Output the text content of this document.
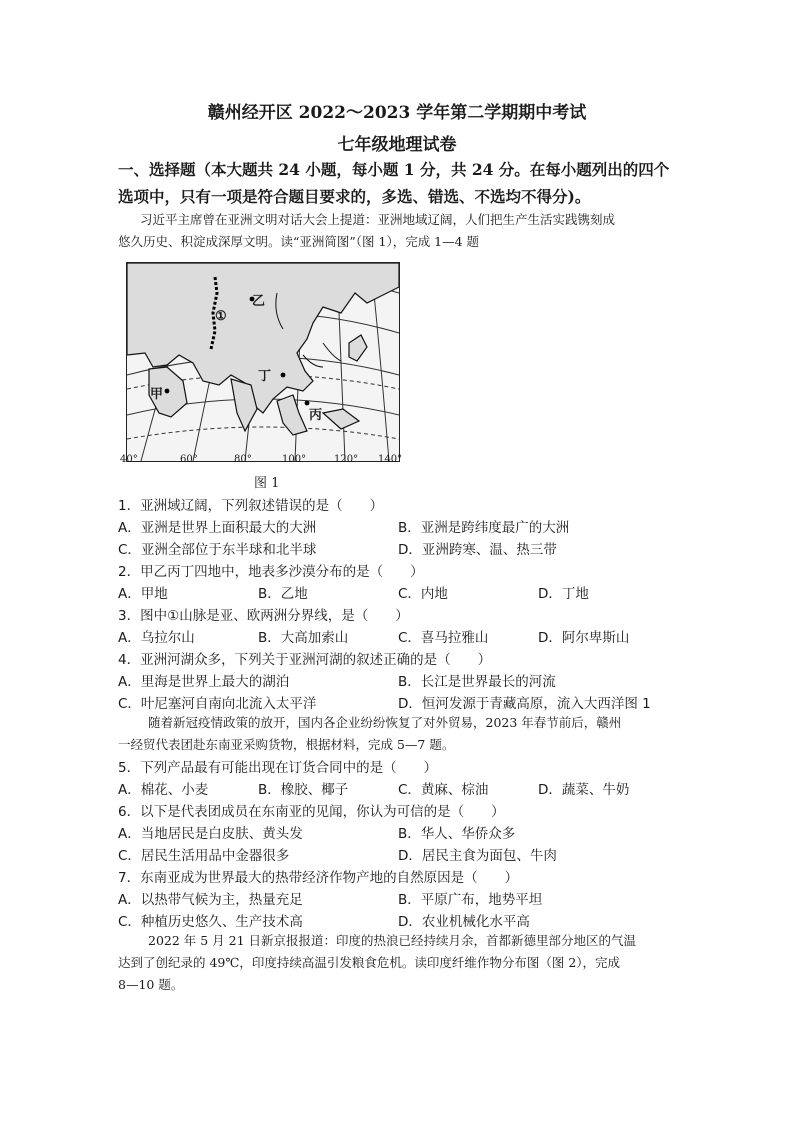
赣州经开区 2022～2023 学年第二学期期中考试
七年级地理试卷
一、选择题（本大题共 24 小题，每小题 1 分，共 24 分。在每小题列出的四个
选项中，只有一项是符合题目要求的，多选、错选、不选均不得分)。
习近平主席曾在亚洲文明对话大会上提道：亚洲地域辽阔，人们把生产生活实践镌刻成
悠久历史、积淀成深厚文明。读“亚洲简图”（图 1），完成 1—4 题
①
乙
甲
丁
丙
40°	60°	80°	100°	120° 140°
图 1
1．亚洲域辽阔，下列叙述错误的是（　　）
A．亚洲是世界上面积最大的大洲	B．亚洲是跨纬度最广的大洲
C．亚洲全部位于东半球和北半球	D．亚洲跨寒、温、热三带
2．甲乙丙丁四地中，地表多沙漠分布的是（　　）
A．甲地	B．乙地	C．内地	D．丁地
3．图中①山脉是亚、欧两洲分界线，是（　　）
A．乌拉尔山	B．大高加索山	C．喜马拉雅山	D．阿尔卑斯山
4．亚洲河湖众多，下列关于亚洲河湖的叙述正确的是（　　）
A．里海是世界上最大的湖泊	B．长江是世界最长的河流
C．叶尼塞河自南向北流入太平洋	D．恒河发源于青藏高原，流入大西洋图 1
随着新冠疫情政策的放开，国内各企业纷纷恢复了对外贸易，2023 年春节前后，赣州
一经贸代表团赴东南亚采购货物，根据材料，完成 5—7 题。
5．下列产品最有可能出现在订货合同中的是（　　）
A．棉花、小麦	B．橡胶、椰子	C．黄麻、棕油	D．蔬菜、牛奶
6．以下是代表团成员在东南亚的见闻，你认为可信的是（　　）
A．当地居民是白皮肤、黄头发	B．华人、华侨众多
C．居民生活用品中金器很多	D．居民主食为面包、牛肉
7．东南亚成为世界最大的热带经济作物产地的自然原因是（　　）
A．以热带气候为主，热量充足	B．平原广布，地势平坦
C．种植历史悠久、生产技术高	D．农业机械化水平高
2022 年 5 月 21 日新京报报道：印度的热浪已经持续月余，首都新德里部分地区的气温
达到了创纪录的 49℃，印度持续高温引发粮食危机。读印度纤维作物分布图（图 2），完成
8—10 题。
